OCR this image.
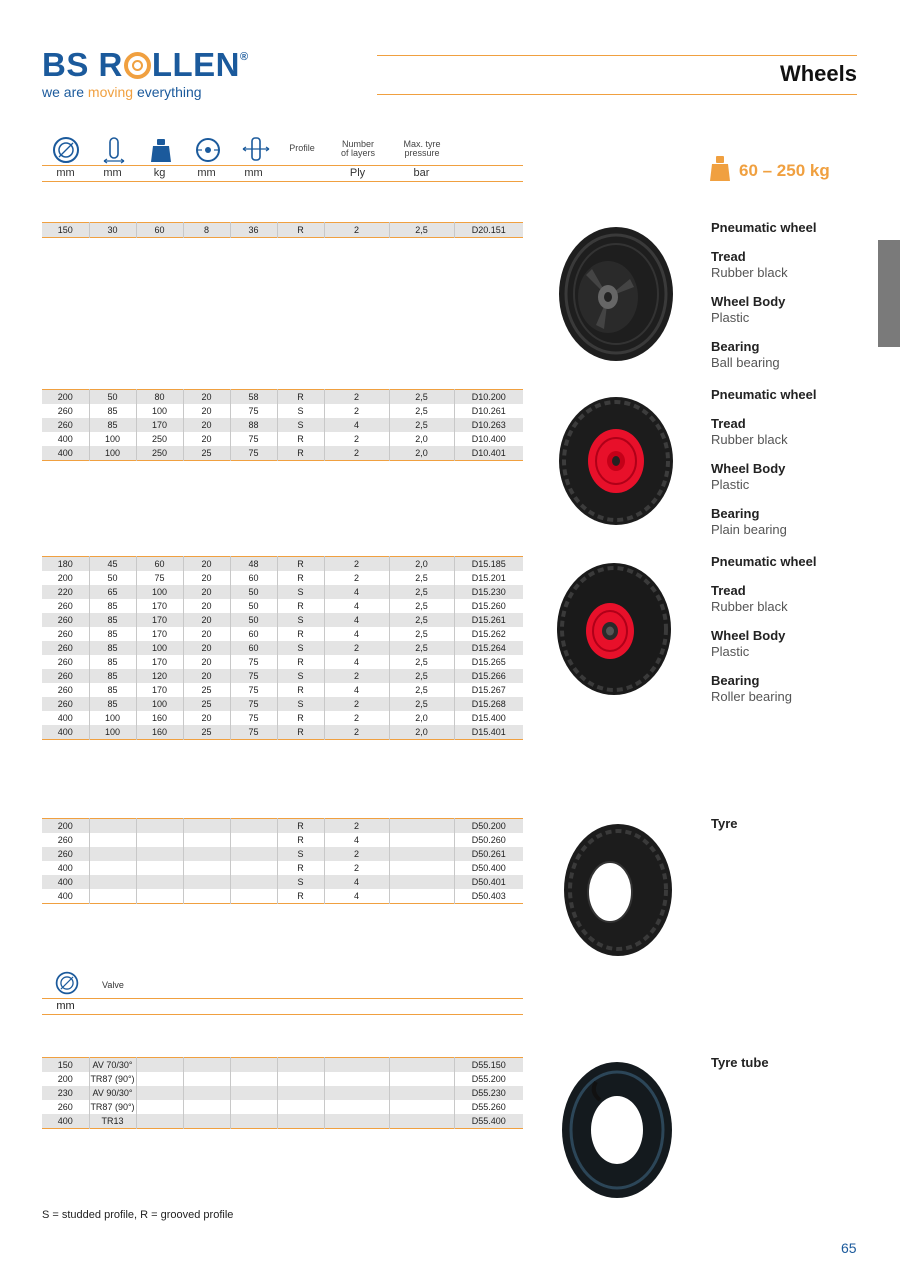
BS R LLEN®
we are moving everything
Wheels
60 – 250 kg
Profile	Number
of layers
Max. tyre
pressure
mm	mm	kg	mm	mm	Ply	bar
150	30	60	8	36	R	2	2,5	D20.151
200	50	80	20	58	R	2	2,5	D10.200
260	85	100	20	75	S	2	2,5	D10.261
260	85	170	20	88	S	4	2,5	D10.263
400	100	250	20	75	R	2	2,0	D10.400
400	100	250	25	75	R	2	2,0	D10.401
180	45	60	20	48	R	2	2,0	D15.185
200	50	75	20	60	R	2	2,5	D15.201
220	65	100	20	50	S	4	2,5	D15.230
260	85	170	20	50	R	4	2,5	D15.260
260	85	170	20	50	S	4	2,5	D15.261
260	85	170	20	60	R	4	2,5	D15.262
260	85	100	20	60	S	2	2,5	D15.264
260	85	170	20	75	R	4	2,5	D15.265
260	85	120	20	75	S	2	2,5	D15.266
260	85	170	25	75	R	4	2,5	D15.267
260	85	100	25	75	S	2	2,5	D15.268
400	100	160	20	75	R	2	2,0	D15.400
400	100	160	25	75	R	2	2,0	D15.401
200					R	2		D50.200
260					R	4		D50.260
260					S	2		D50.261
400					R	2		D50.400
400					S	4		D50.401
400					R	4		D50.403
150	AV 70/30°							D55.150
200	TR87 (90°)							D55.200
230	AV 90/30°							D55.230
260	TR87 (90°)							D55.260
400	TR13							D55.400
Valve
mm
Pneumatic wheel
Tread
Rubber black
Wheel Body
Plastic
Bearing
Ball bearing
Pneumatic wheel
Tread
Rubber black
Wheel Body
Plastic
Bearing
Plain bearing
Pneumatic wheel
Tread
Rubber black
Wheel Body
Plastic
Bearing
Roller bearing
Tyre
Tyre tube
S = studded profile, R = grooved profile
65
